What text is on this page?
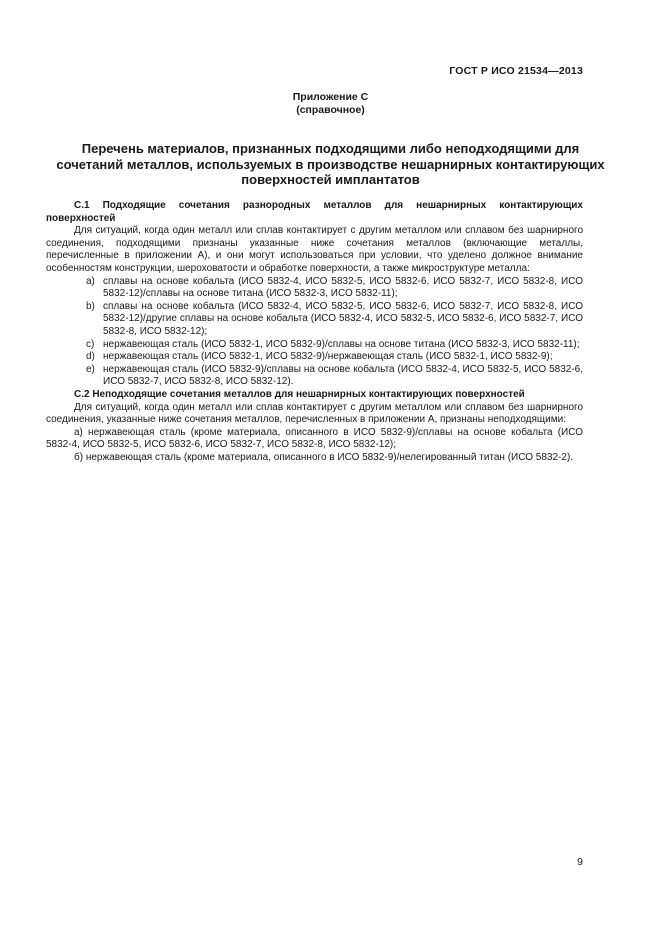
ГОСТ Р ИСО 21534—2013
Приложение С
(справочное)
Перечень материалов, признанных подходящими либо неподходящими для сочетаний металлов, используемых в производстве нешарнирных контактирующих поверхностей имплантатов

С.1 Подходящие сочетания разнородных металлов для нешарнирных контактирующих поверхностей

Для ситуаций, когда один металл или сплав контактирует с другим металлом или сплавом без шарнирного соединения, подходящими признаны указанные ниже сочетания металлов (включающие металлы, перечисленные в приложении А), и они могут использоваться при условии, что уделено должное внимание особенностям конструкции, шероховатости и обработке поверхности, а также микроструктуре металла:

a) сплавы на основе кобальта (ИСО 5832-4, ИСО 5832-5, ИСО 5832-6, ИСО 5832-7, ИСО 5832-8, ИСО 5832-12)/сплавы на основе титана (ИСО 5832-3, ИСО 5832-11);
b) сплавы на основе кобальта (ИСО 5832-4, ИСО 5832-5, ИСО 5832-6, ИСО 5832-7, ИСО 5832-8, ИСО 5832-12)/другие сплавы на основе кобальта (ИСО 5832-4, ИСО 5832-5, ИСО 5832-6, ИСО 5832-7, ИСО 5832-8, ИСО 5832-12);
c) нержавеющая сталь (ИСО 5832-1, ИСО 5832-9)/сплавы на основе титана (ИСО 5832-3, ИСО 5832-11);
d) нержавеющая сталь (ИСО 5832-1, ИСО 5832-9)/нержавеющая сталь (ИСО 5832-1, ИСО 5832-9);
e) нержавеющая сталь (ИСО 5832-9)/сплавы на основе кобальта (ИСО 5832-4, ИСО 5832-5, ИСО 5832-6, ИСО 5832-7, ИСО 5832-8, ИСО 5832-12).

С.2 Неподходящие сочетания металлов для нешарнирных контактирующих поверхностей

Для ситуаций, когда один металл или сплав контактирует с другим металлом или сплавом без шарнирного соединения, указанные ниже сочетания металлов, перечисленных в приложении А, признаны неподходящими:

а) нержавеющая сталь (кроме материала, описанного в ИСО 5832-9)/сплавы на основе кобальта (ИСО 5832-4, ИСО 5832-5, ИСО 5832-6, ИСО 5832-7, ИСО 5832-8, ИСО 5832-12);

б) нержавеющая сталь (кроме материала, описанного в ИСО 5832-9)/нелегированный титан (ИСО 5832-2).

9
